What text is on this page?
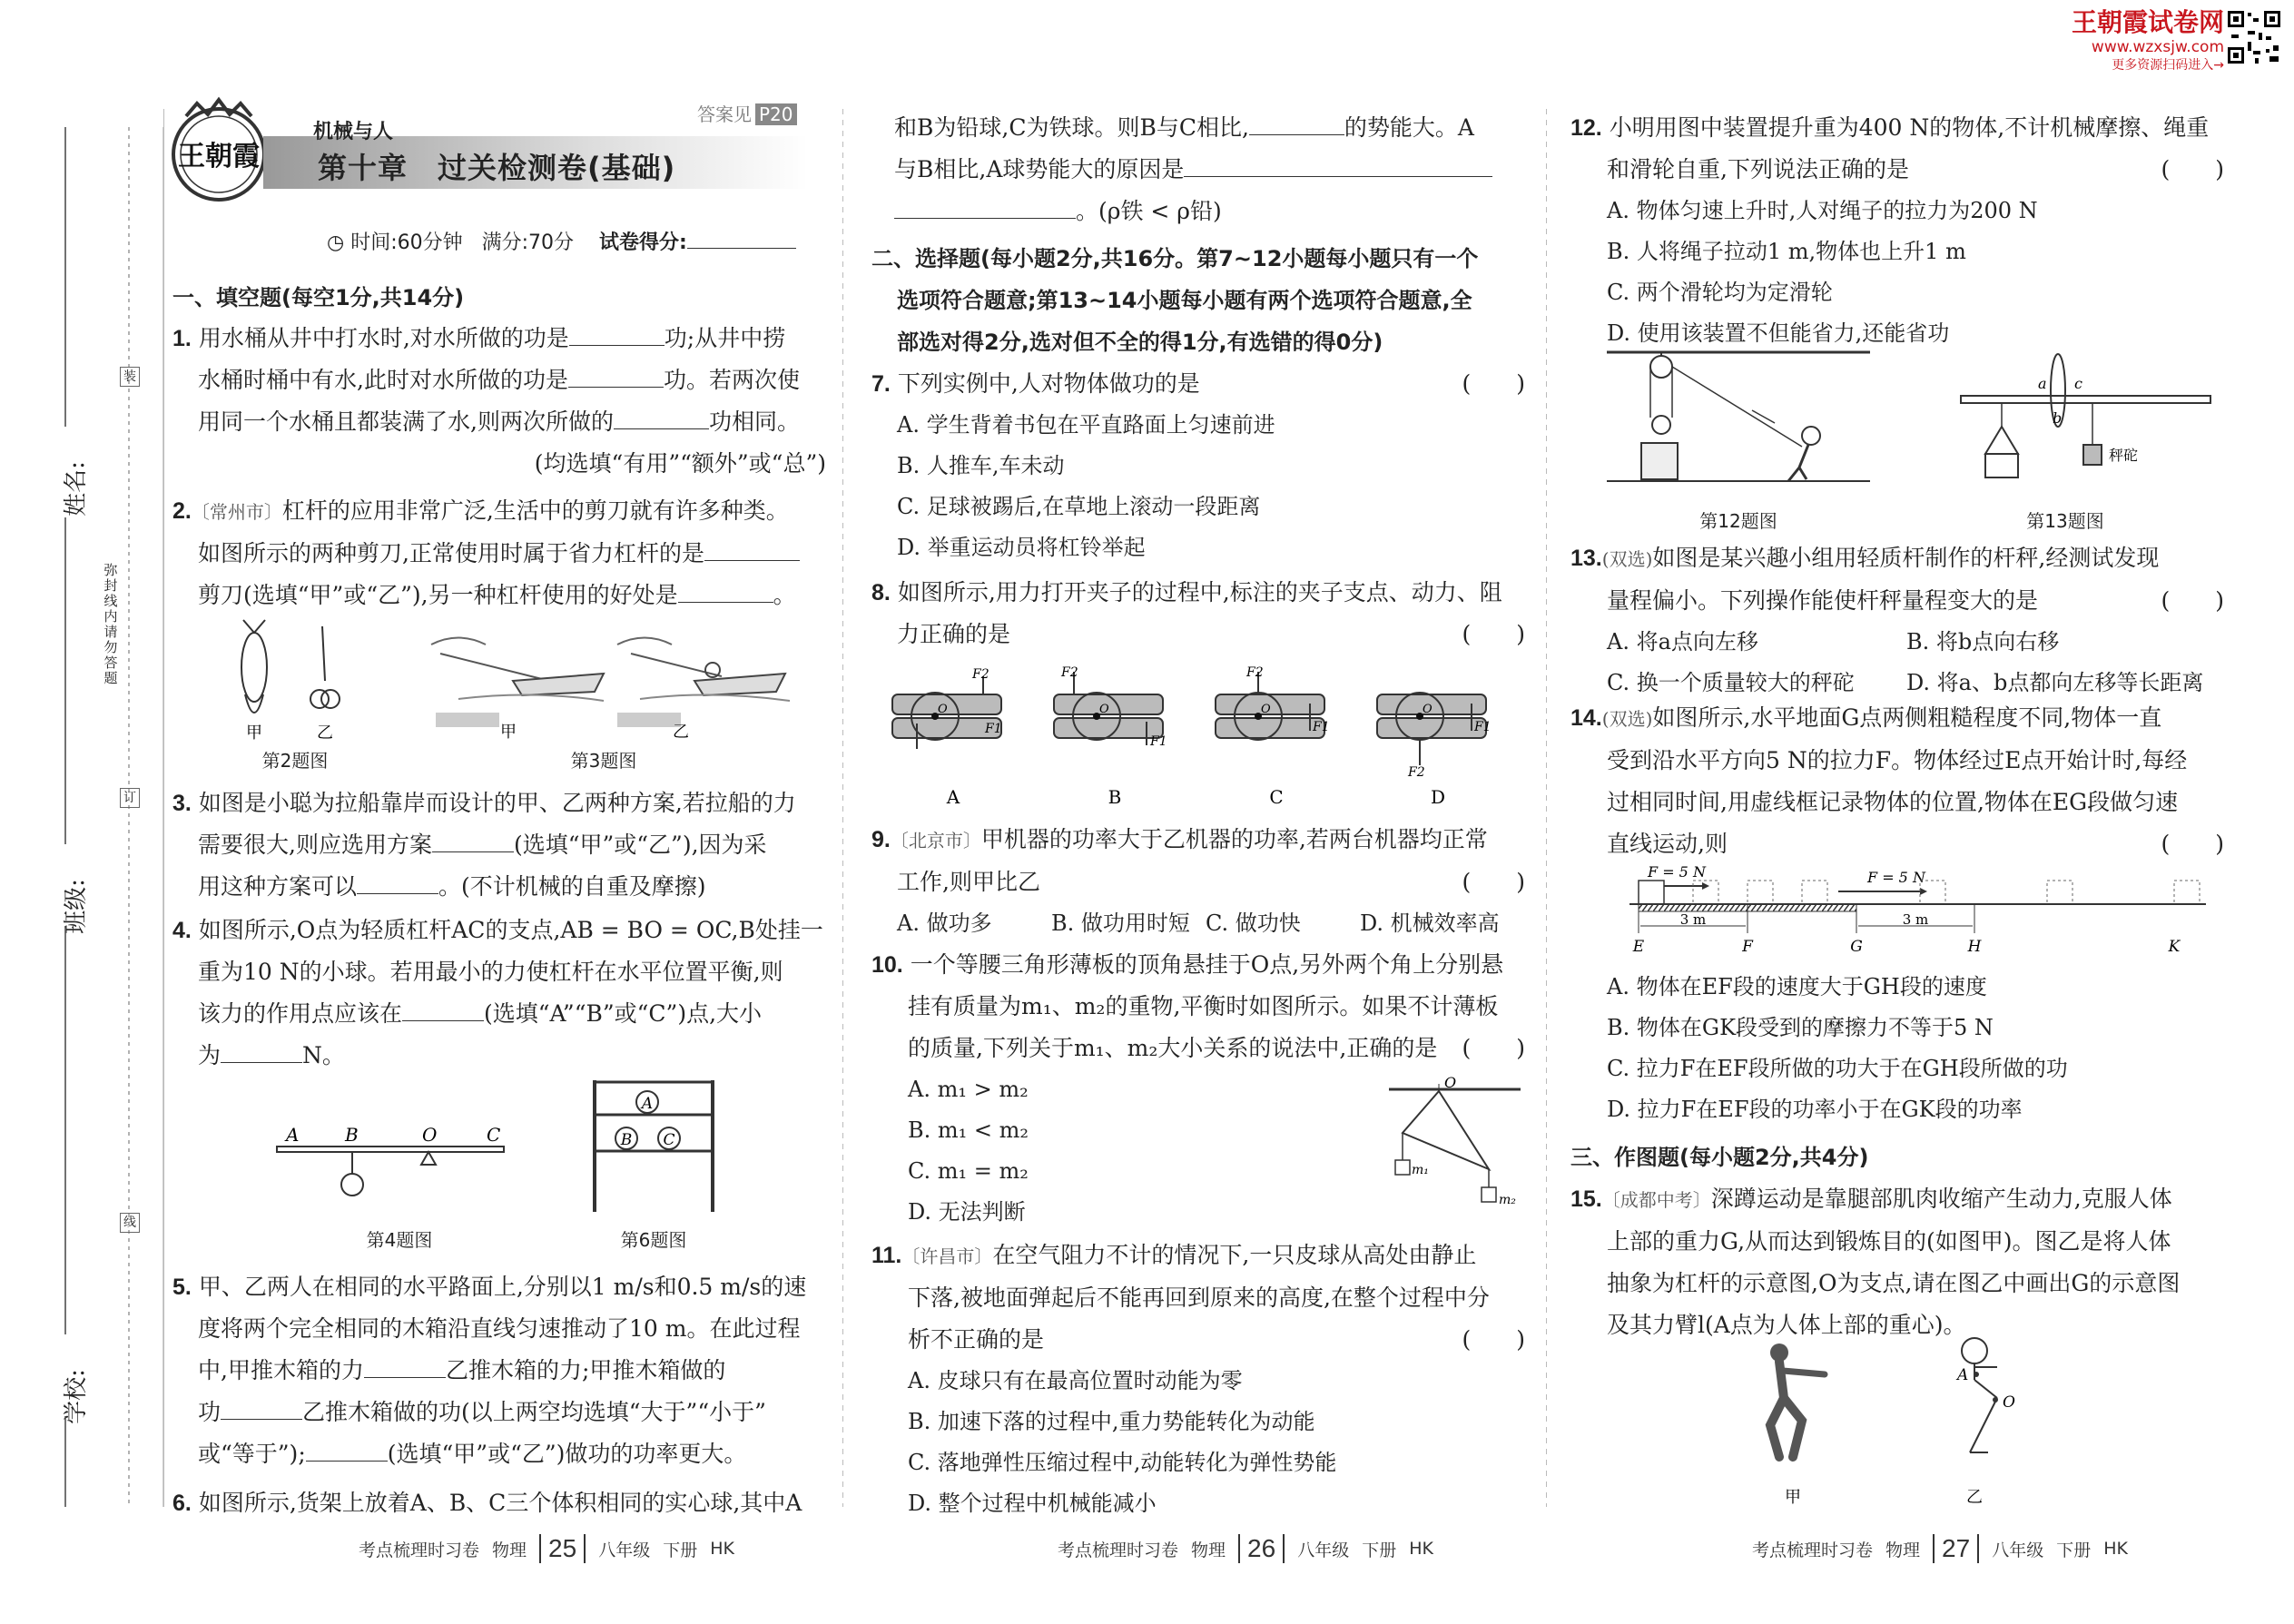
王朝霞试卷网
www.wzxsjw.com
更多资源扫码进入→
姓名:
班级:
学校:
弥封线内请勿答题
装
订
线
王朝霞
机械与人
第十章　过关检测卷(基础)
答案见 P20
◷ 时间:60分钟 满分:70分 试卷得分:
一、填空题(每空1分,共14分)
1. 用水桶从井中打水时,对水所做的功是	功;从井中捞
水桶时桶中有水,此时对水所做的功是	功。若两次使
用同一个水桶且都装满了水,则两次所做的	功相同。
(均选填“有用”“额外”或“总”)
2.〔常州市〕杠杆的应用非常广泛,生活中的剪刀就有许多种类。
如图所示的两种剪刀,正常使用时属于省力杠杆的是
剪刀(选填“甲”或“乙”),另一种杠杆使用的好处是	。
甲	乙
第2题图
甲	乙
第3题图
3. 如图是小聪为拉船靠岸而设计的甲、乙两种方案,若拉船的力
需要很大,则应选用方案	(选填“甲”或“乙”),因为采
用这种方案可以	。(不计机械的自重及摩擦)
4. 如图所示,O点为轻质杠杆AC的支点,AB = BO = OC,B处挂一
重为10 N的小球。若用最小的力使杠杆在水平位置平衡,则
该力的作用点应该在	(选填“A”“B”或“C”)点,大小
为	N。
A	B	O	C
第4题图
A
B C
第6题图
5. 甲、乙两人在相同的水平路面上,分别以1 m/s和0.5 m/s的速
度将两个完全相同的木箱沿直线匀速推动了10 m。在此过程
中,甲推木箱的力	乙推木箱的力;甲推木箱做的
功	乙推木箱做的功(以上两空均选填“大于”“小于”
或“等于”);	(选填“甲”或“乙”)做功的功率更大。
6. 如图所示,货架上放着A、B、C三个体积相同的实心球,其中A
和B为铅球,C为铁球。则B与C相比,	的势能大。A
与B相比,A球势能大的原因是
。(ρ铁 < ρ铅)
二、选择题(每小题2分,共16分。第7~12小题每小题只有一个
选项符合题意;第13~14小题每小题有两个选项符合题意,全
部选对得2分,选对但不全的得1分,有选错的得0分)
7. 下列实例中,人对物体做功的是	(　　)
A. 学生背着书包在平直路面上匀速前进
B. 人推车,车未动
C. 足球被踢后,在草地上滚动一段距离
D. 举重运动员将杠铃举起
8. 如图所示,用力打开夹子的过程中,标注的夹子支点、动力、阻
力正确的是	(　　)
F2
F1
O
A
F2
F1
O
B
F2
F1
O
C
F2
F1
O
D
9.〔北京市〕甲机器的功率大于乙机器的功率,若两台机器均正常
工作,则甲比乙	(　　)
A. 做功多	B. 做功用时短 C. 做功快	D. 机械效率高
10. 一个等腰三角形薄板的顶角悬挂于O点,另外两个角上分别悬
挂有质量为m₁、m₂的重物,平衡时如图所示。如果不计薄板
的质量,下列关于m₁、m₂大小关系的说法中,正确的是 (　　)
A. m₁ > m₂
B. m₁ < m₂
C. m₁ = m₂
D. 无法判断
O
m₁
m₂
11.〔许昌市〕在空气阻力不计的情况下,一只皮球从高处由静止
下落,被地面弹起后不能再回到原来的高度,在整个过程中分
析不正确的是	(　　)
A. 皮球只有在最高位置时动能为零
B. 加速下落的过程中,重力势能转化为动能
C. 落地弹性压缩过程中,动能转化为弹性势能
D. 整个过程中机械能减小
12. 小明用图中装置提升重为400 N的物体,不计机械摩擦、绳重
和滑轮自重,下列说法正确的是	(　　)
A. 物体匀速上升时,人对绳子的拉力为200 N
B. 人将绳子拉动1 m,物体也上升1 m
C. 两个滑轮均为定滑轮
D. 使用该装置不但能省力,还能省功
第12题图
a
b
c
秤砣
第13题图
13.(双选)如图是某兴趣小组用轻质杆制作的杆秤,经测试发现
量程偏小。下列操作能使杆秤量程变大的是	(　　)
A. 将a点向左移	B. 将b点向右移
C. 换一个质量较大的秤砣	D. 将a、b点都向左移等长距离
14.(双选)如图所示,水平地面G点两侧粗糙程度不同,物体一直
受到沿水平方向5 N的拉力F。物体经过E点开始计时,每经
过相同时间,用虚线框记录物体的位置,物体在EG段做匀速
直线运动,则	(　　)
F = 5 N	F = 5 N
3 m	3 m
E	F	G	H	K
A. 物体在EF段的速度大于GH段的速度
B. 物体在GK段受到的摩擦力不等于5 N
C. 拉力F在EF段所做的功大于在GH段所做的功
D. 拉力F在EF段的功率小于在GK段的功率
三、作图题(每小题2分,共4分)
15.〔成都中考〕深蹲运动是靠腿部肌肉收缩产生动力,克服人体
上部的重力G,从而达到锻炼目的(如图甲)。图乙是将人体
抽象为杠杆的示意图,O为支点,请在图乙中画出G的示意图
及其力臂l(A点为人体上部的重心)。
甲
A
O
乙
考点梳理时习卷 物理 25	八年级 下册 HK	考点梳理时习卷 物理 26	八年级 下册 HK	考点梳理时习卷 物理 27	八年级 下册 HK
